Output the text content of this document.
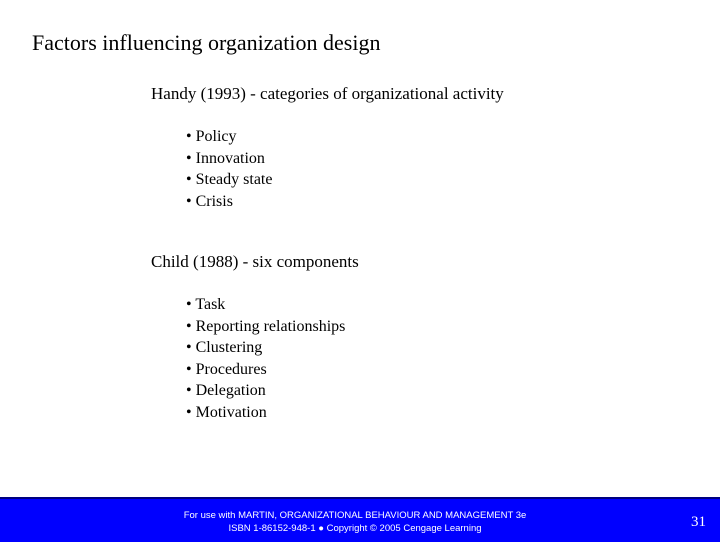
Factors influencing organization design
Handy (1993) - categories of organizational activity
• Policy
• Innovation
• Steady state
• Crisis
Child (1988) - six components
• Task
• Reporting relationships
• Clustering
• Procedures
• Delegation
• Motivation
For use with MARTIN, ORGANIZATIONAL BEHAVIOUR AND MANAGEMENT 3e
ISBN 1-86152-948-1 ● Copyright © 2005 Cengage Learning	31
